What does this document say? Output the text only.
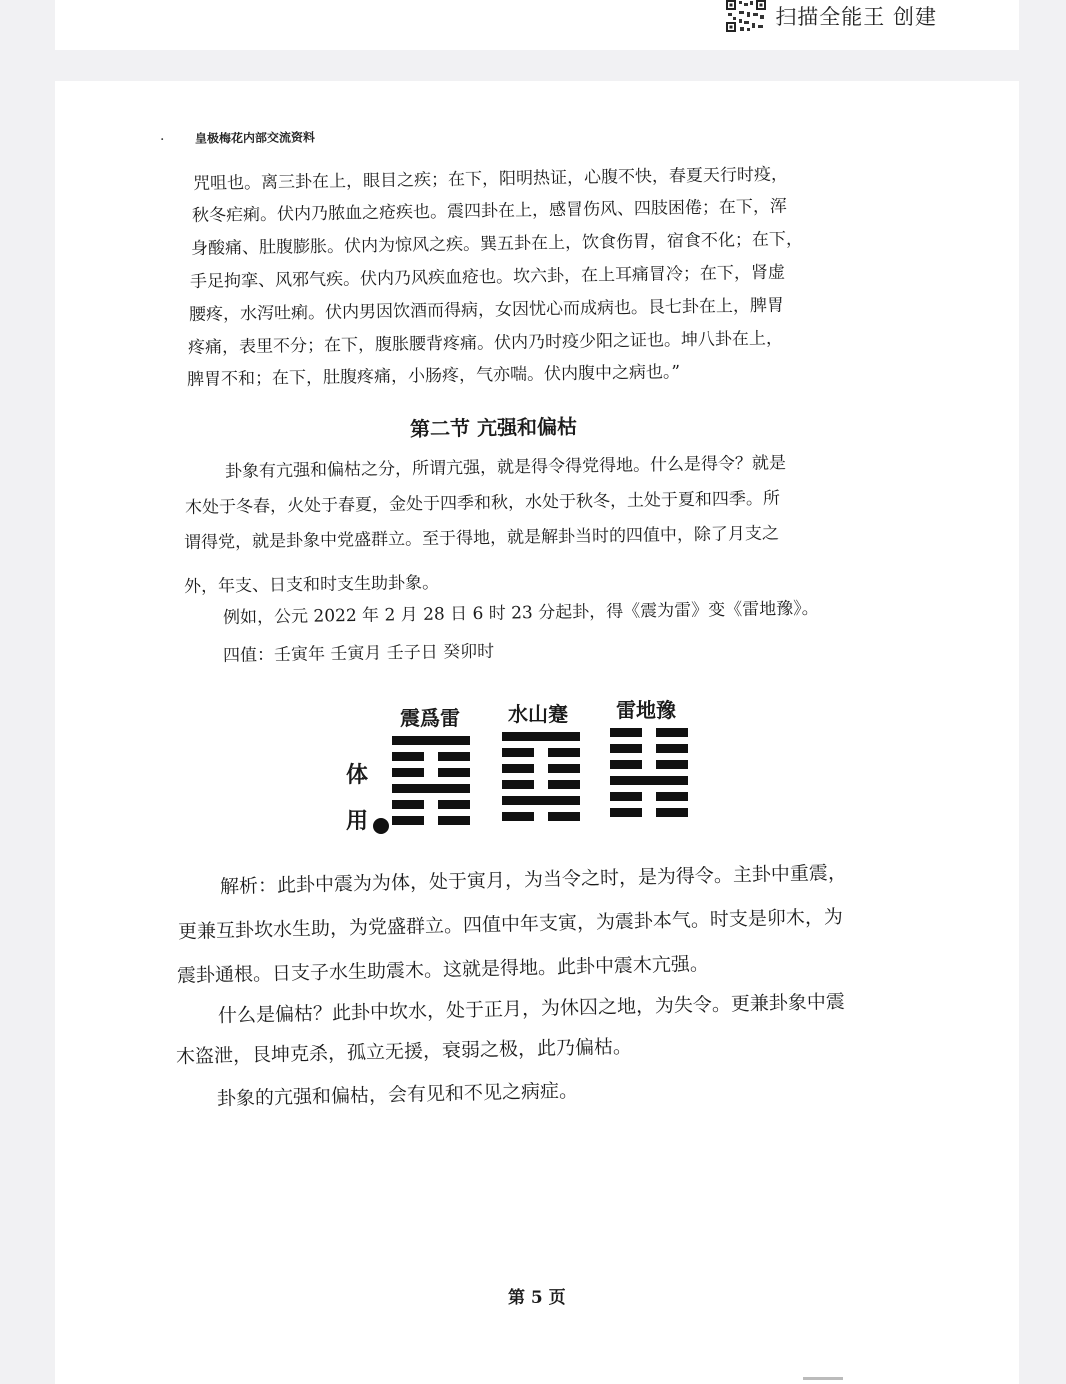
扫描全能王 创建
·	皇极梅花内部交流资料
咒咀也。离三卦在上，眼目之疾；在下，阳明热证，心腹不快，春夏天行时疫，
秋冬疟痢。伏内乃脓血之疮疾也。震四卦在上，感冒伤风、四肢困倦；在下，浑
身酸痛、肚腹膨胀。伏内为惊风之疾。巽五卦在上，饮食伤胃，宿食不化；在下，
手足拘挛、风邪气疾。伏内乃风疾血疮也。坎六卦，在上耳痛冒冷；在下，肾虚
腰疼，水泻吐痢。伏内男因饮酒而得病，女因忧心而成病也。艮七卦在上，脾胃
疼痛，表里不分；在下，腹胀腰背疼痛。伏内乃时疫少阳之证也。坤八卦在上，
脾胃不和；在下，肚腹疼痛，小肠疼，气亦喘。伏内腹中之病也。”
第二节 亢强和偏枯
卦象有亢强和偏枯之分，所谓亢强，就是得令得党得地。什么是得令？就是
木处于冬春，火处于春夏，金处于四季和秋，水处于秋冬，土处于夏和四季。所
谓得党，就是卦象中党盛群立。至于得地，就是解卦当时的四值中，除了月支之
外，年支、日支和时支生助卦象。
例如，公元 2022 年 2 月 28 日 6 时 23 分起卦，得《震为雷》变《雷地豫》。
四值：壬寅年 壬寅月 壬子日 癸卯时
震爲雷 水山蹇 雷地豫
体
用
解析：此卦中震为为体，处于寅月，为当令之时，是为得令。主卦中重震，
更兼互卦坎水生助，为党盛群立。四值中年支寅，为震卦本气。时支是卯木，为
震卦通根。日支子水生助震木。这就是得地。此卦中震木亢强。
什么是偏枯？此卦中坎水，处于正月，为休囚之地，为失令。更兼卦象中震
木盗泄，艮坤克杀，孤立无援，衰弱之极，此乃偏枯。
卦象的亢强和偏枯，会有见和不见之病症。
第 5 页
